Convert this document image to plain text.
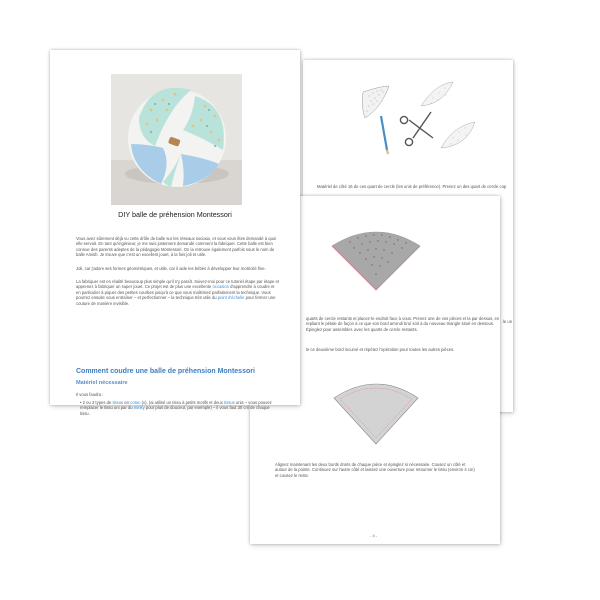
Matériel de côté 16 de ces quart de cercle (les unis de préférence). Prenez un des quart de cercle cop

le un

quarts de cercle restants et placez-le endroit face à vous. Prenez une de vos pièces et la par dessus, en repliant le pétale de façon à ce que son bord arrondi bruí soit à du nouveau triangle situé en dessous. Épinglez pour assembler. avec les quarts de cercle restants.

le ce deuxième bord incurvé et répétez l'opération pour toutes les autres pièces.

Alignez maintenant les deux bords droits de chaque pièce et épinglez si nécessaire. Cousez un côté et autour de la pointe. Continuez sur l'autre côté et laissez une ouverture pour retourner le tissu (environ 4 cm) et cousez le reste.

- 4 -

DIY balle de préhension Montessori

Vous avez sûrement déjà vu cette drôle de balle sur les réseaux sociaux, et vous vous êtes demandé à quoi elle servait. En tant qu'ingénieur, je me suis justement demandé comment la fabriquer. Cette balle est bien connue des parents adeptes de la pédagogie Montessori. On la retrouve également parfois sous le nom de balle Amish. Je trouve que c'est un excellent jouet, à la fois joli et utile.

Joli, car j'adore ses formes géométriques, et utile, car il aide les bébés à développer leur motricité fine.

La fabriquer est en réalité beaucoup plus simple qu'il n'y paraît. Suivez-moi pour ce tutoriel étape par étape et apprenez à fabriquer un super jouet. Ce projet est de plus une excellente occasion d'apprendre à coudre et en particulier à piquer des petites courbes jusqu'à ce que vous maîtrisiez parfaitement la technique. Vous pourrez ensuite vous entraîner – et perfectionner – la technique très utile du point d'échelle pour fermer une couture de manière invisible.

Comment coudre une balle de préhension Montessori

Matériel nécessaire

Il vous faudra :

• 2 ou 3 types de tissus en coton (x), (ai utilisé un tissu à petits motifs et deux tissus unis – vous pouvez remplacer le tissu uni par du minky pour plus de douceur, par exemple) – il vous faut 30 cm de chaque tissu.
